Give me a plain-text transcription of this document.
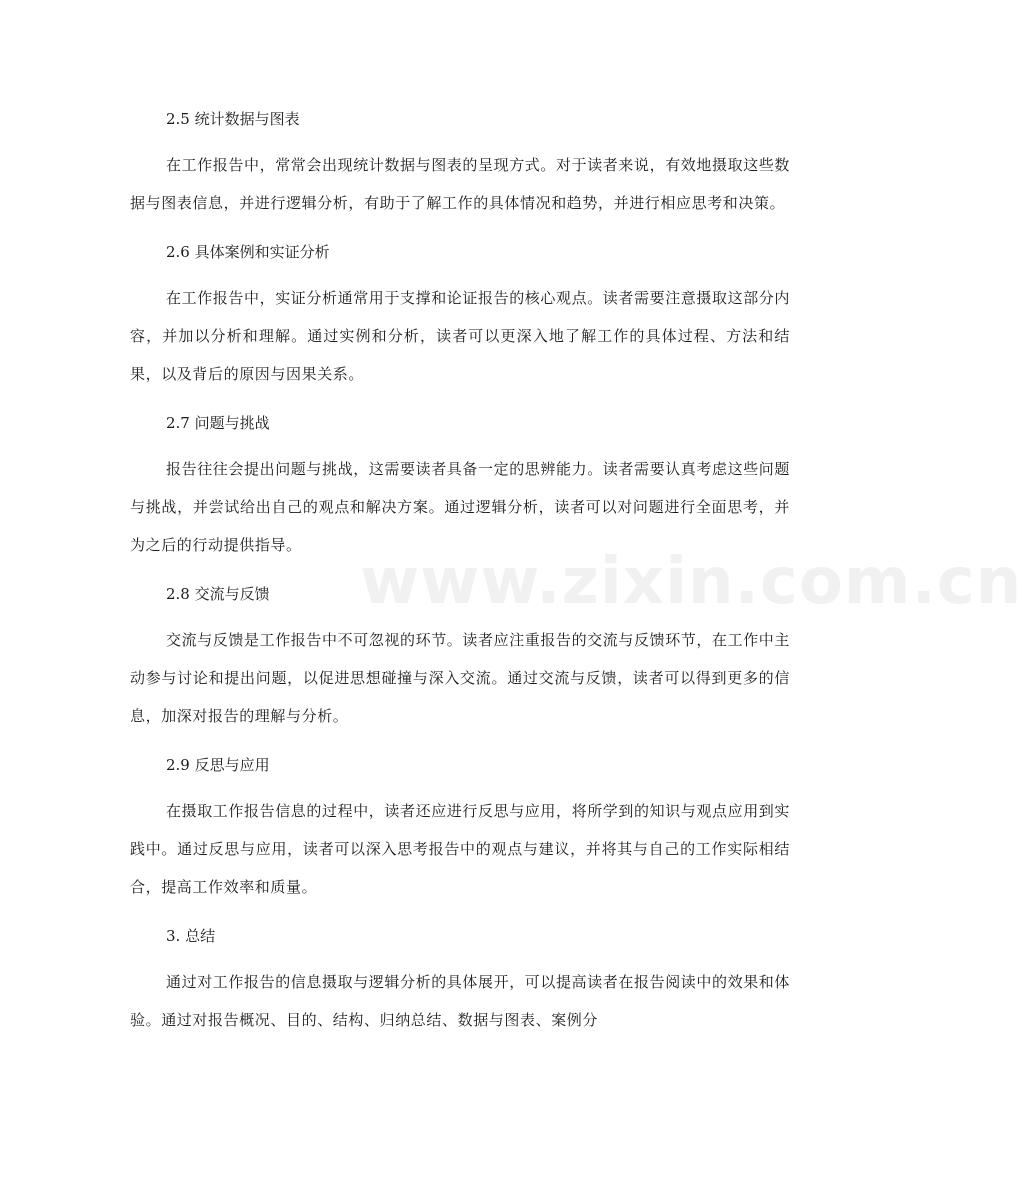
2.5 统计数据与图表

在工作报告中，常常会出现统计数据与图表的呈现方式。对于读者来说，有效地摄取这些数据与图表信息，并进行逻辑分析，有助于了解工作的具体情况和趋势，并进行相应思考和决策。

2.6 具体案例和实证分析

在工作报告中，实证分析通常用于支撑和论证报告的核心观点。读者需要注意摄取这部分内容，并加以分析和理解。通过实例和分析，读者可以更深入地了解工作的具体过程、方法和结果，以及背后的原因与因果关系。

2.7 问题与挑战

报告往往会提出问题与挑战，这需要读者具备一定的思辨能力。读者需要认真考虑这些问题与挑战，并尝试给出自己的观点和解决方案。通过逻辑分析，读者可以对问题进行全面思考，并为之后的行动提供指导。

2.8 交流与反馈

交流与反馈是工作报告中不可忽视的环节。读者应注重报告的交流与反馈环节，在工作中主动参与讨论和提出问题，以促进思想碰撞与深入交流。通过交流与反馈，读者可以得到更多的信息，加深对报告的理解与分析。

2.9 反思与应用

在摄取工作报告信息的过程中，读者还应进行反思与应用，将所学到的知识与观点应用到实践中。通过反思与应用，读者可以深入思考报告中的观点与建议，并将其与自己的工作实际相结合，提高工作效率和质量。

3. 总结

通过对工作报告的信息摄取与逻辑分析的具体展开，可以提高读者在报告阅读中的效果和体验。通过对报告概况、目的、结构、归纳总结、数据与图表、案例分

www.zixin.com.cn
